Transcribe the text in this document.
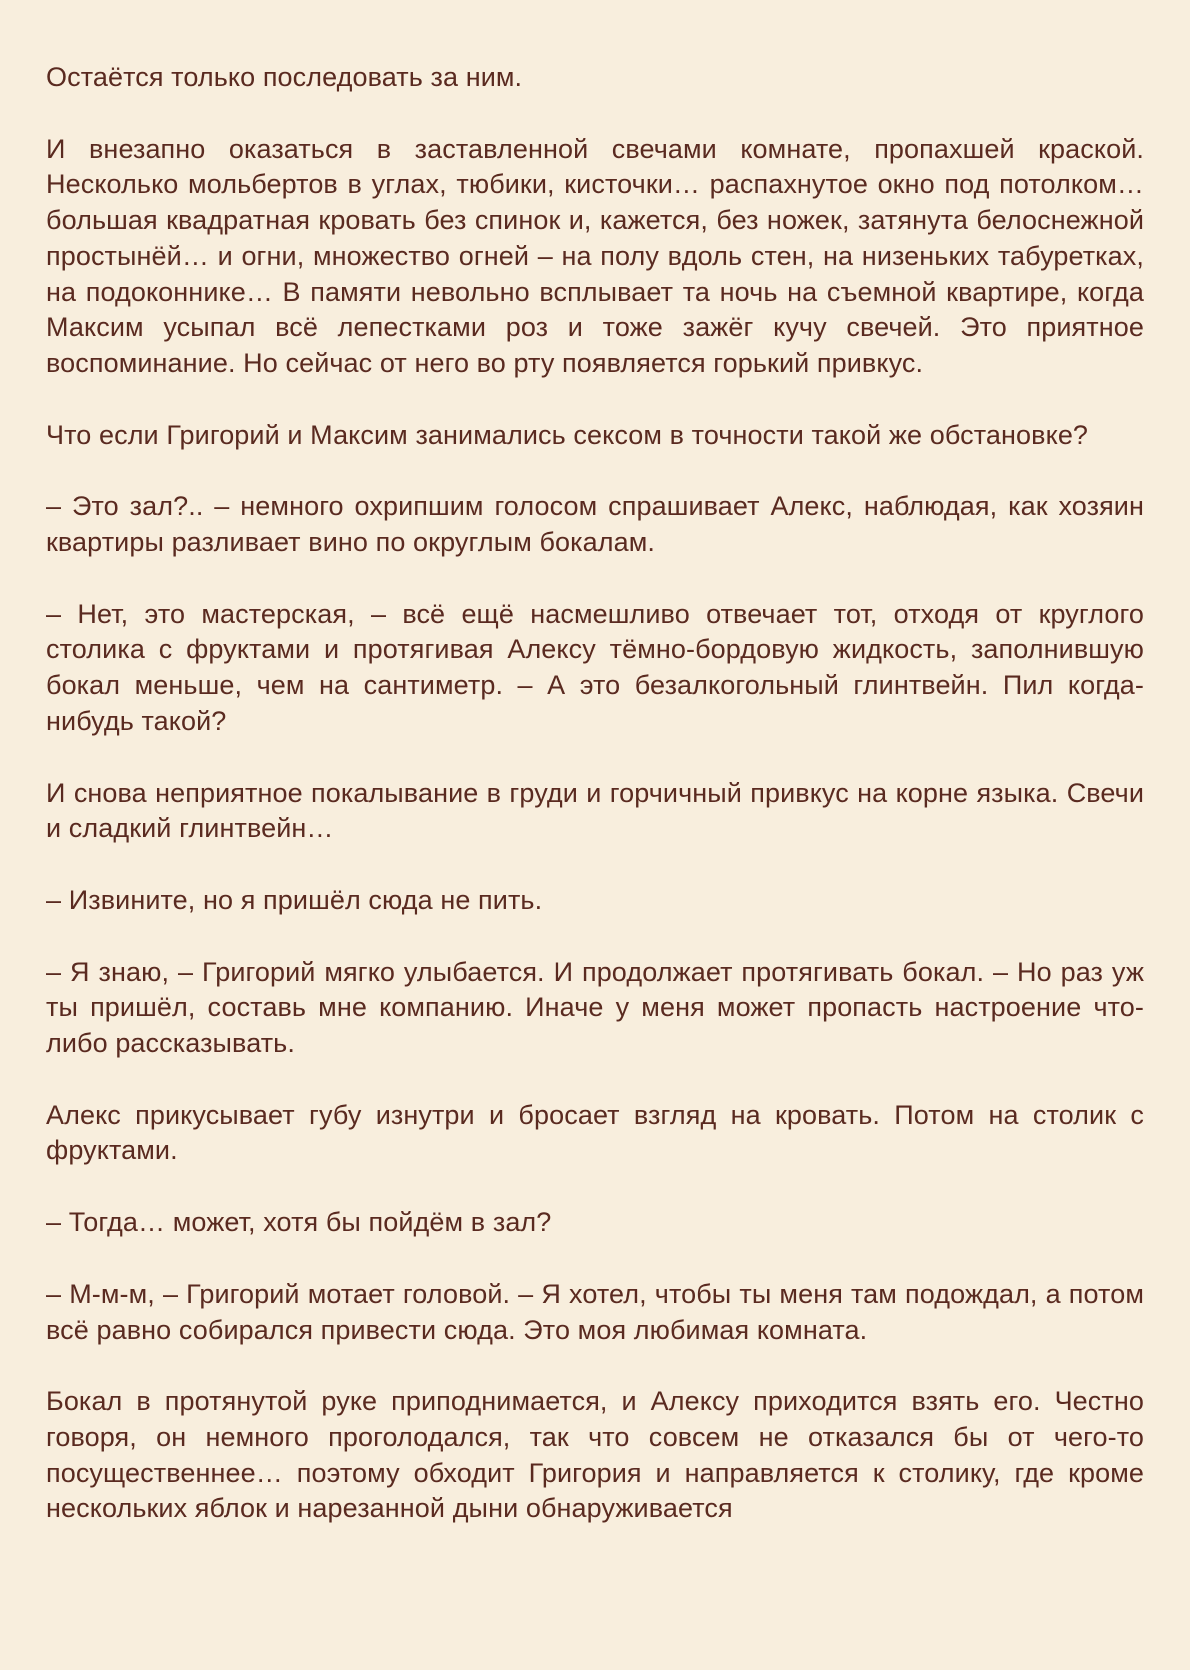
Остаётся только последовать за ним.

И внезапно оказаться в заставленной свечами комнате, пропахшей краской. Несколько мольбертов в углах, тюбики, кисточки… распахнутое окно под потолком… большая квадратная кровать без спинок и, кажется, без ножек, затянута белоснежной простынёй… и огни, множество огней – на полу вдоль стен, на низеньких табуретках, на подоконнике… В памяти невольно всплывает та ночь на съемной квартире, когда Максим усыпал всё лепестками роз и тоже зажёг кучу свечей. Это приятное воспоминание. Но сейчас от него во рту появляется горький привкус.

Что если Григорий и Максим занимались сексом в точности такой же обстановке?

– Это зал?.. – немного охрипшим голосом спрашивает Алекс, наблюдая, как хозяин квартиры разливает вино по округлым бокалам.

– Нет, это мастерская, – всё ещё насмешливо отвечает тот, отходя от круглого столика с фруктами и протягивая Алексу тёмно-бордовую жидкость, заполнившую бокал меньше, чем на сантиметр. – А это безалкогольный глинтвейн. Пил когда-нибудь такой?

И снова неприятное покалывание в груди и горчичный привкус на корне языка. Свечи и сладкий глинтвейн…

– Извините, но я пришёл сюда не пить.

– Я знаю, – Григорий мягко улыбается. И продолжает протягивать бокал. – Но раз уж ты пришёл, составь мне компанию. Иначе у меня может пропасть настроение что-либо рассказывать.

Алекс прикусывает губу изнутри и бросает взгляд на кровать. Потом на столик с фруктами.

– Тогда… может, хотя бы пойдём в зал?

– М-м-м, – Григорий мотает головой. – Я хотел, чтобы ты меня там подождал, а потом всё равно собирался привести сюда. Это моя любимая комната.

Бокал в протянутой руке приподнимается, и Алексу приходится взять его. Честно говоря, он немного проголодался, так что совсем не отказался бы от чего-то посущественнее… поэтому обходит Григория и направляется к столику, где кроме нескольких яблок и нарезанной дыни обнаруживается
